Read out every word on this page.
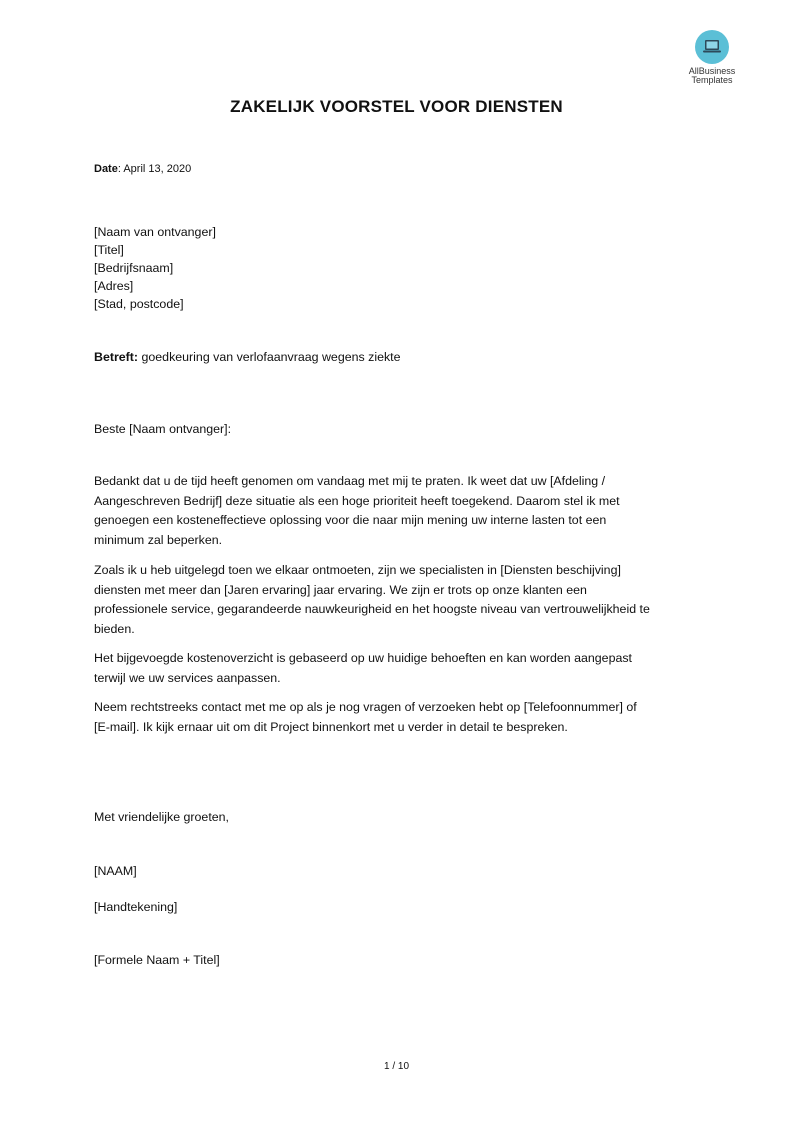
AllBusiness
Templates
ZAKELIJK VOORSTEL VOOR DIENSTEN
Date: April 13, 2020
[Naam van ontvanger]
[Titel]
[Bedrijfsnaam]
[Adres]
[Stad, postcode]
Betreft: goedkeuring van verlofaanvraag wegens ziekte
Beste [Naam ontvanger]:

Bedankt dat u de tijd heeft genomen om vandaag met mij te praten. Ik weet dat uw [Afdeling /

Aangeschreven Bedrijf] deze situatie als een hoge prioriteit heeft toegekend. Daarom stel ik met

genoegen een kosteneffectieve oplossing voor die naar mijn mening uw interne lasten tot een

minimum zal beperken.

Zoals ik u heb uitgelegd toen we elkaar ontmoeten, zijn we specialisten in [Diensten beschijving]

diensten met meer dan [Jaren ervaring] jaar ervaring. We zijn er trots op onze klanten een

professionele service, gegarandeerde nauwkeurigheid en het hoogste niveau van vertrouwelijkheid te

bieden.

Het bijgevoegde kostenoverzicht is gebaseerd op uw huidige behoeften en kan worden aangepast

terwijl we uw services aanpassen.

Neem rechtstreeks contact met me op als je nog vragen of verzoeken hebt op [Telefoonnummer] of

[E-mail]. Ik kijk ernaar uit om dit Project binnenkort met u verder in detail te bespreken.

Met vriendelijke groeten,
[NAAM]
[Handtekening]
[Formele Naam + Titel]
1 / 10
